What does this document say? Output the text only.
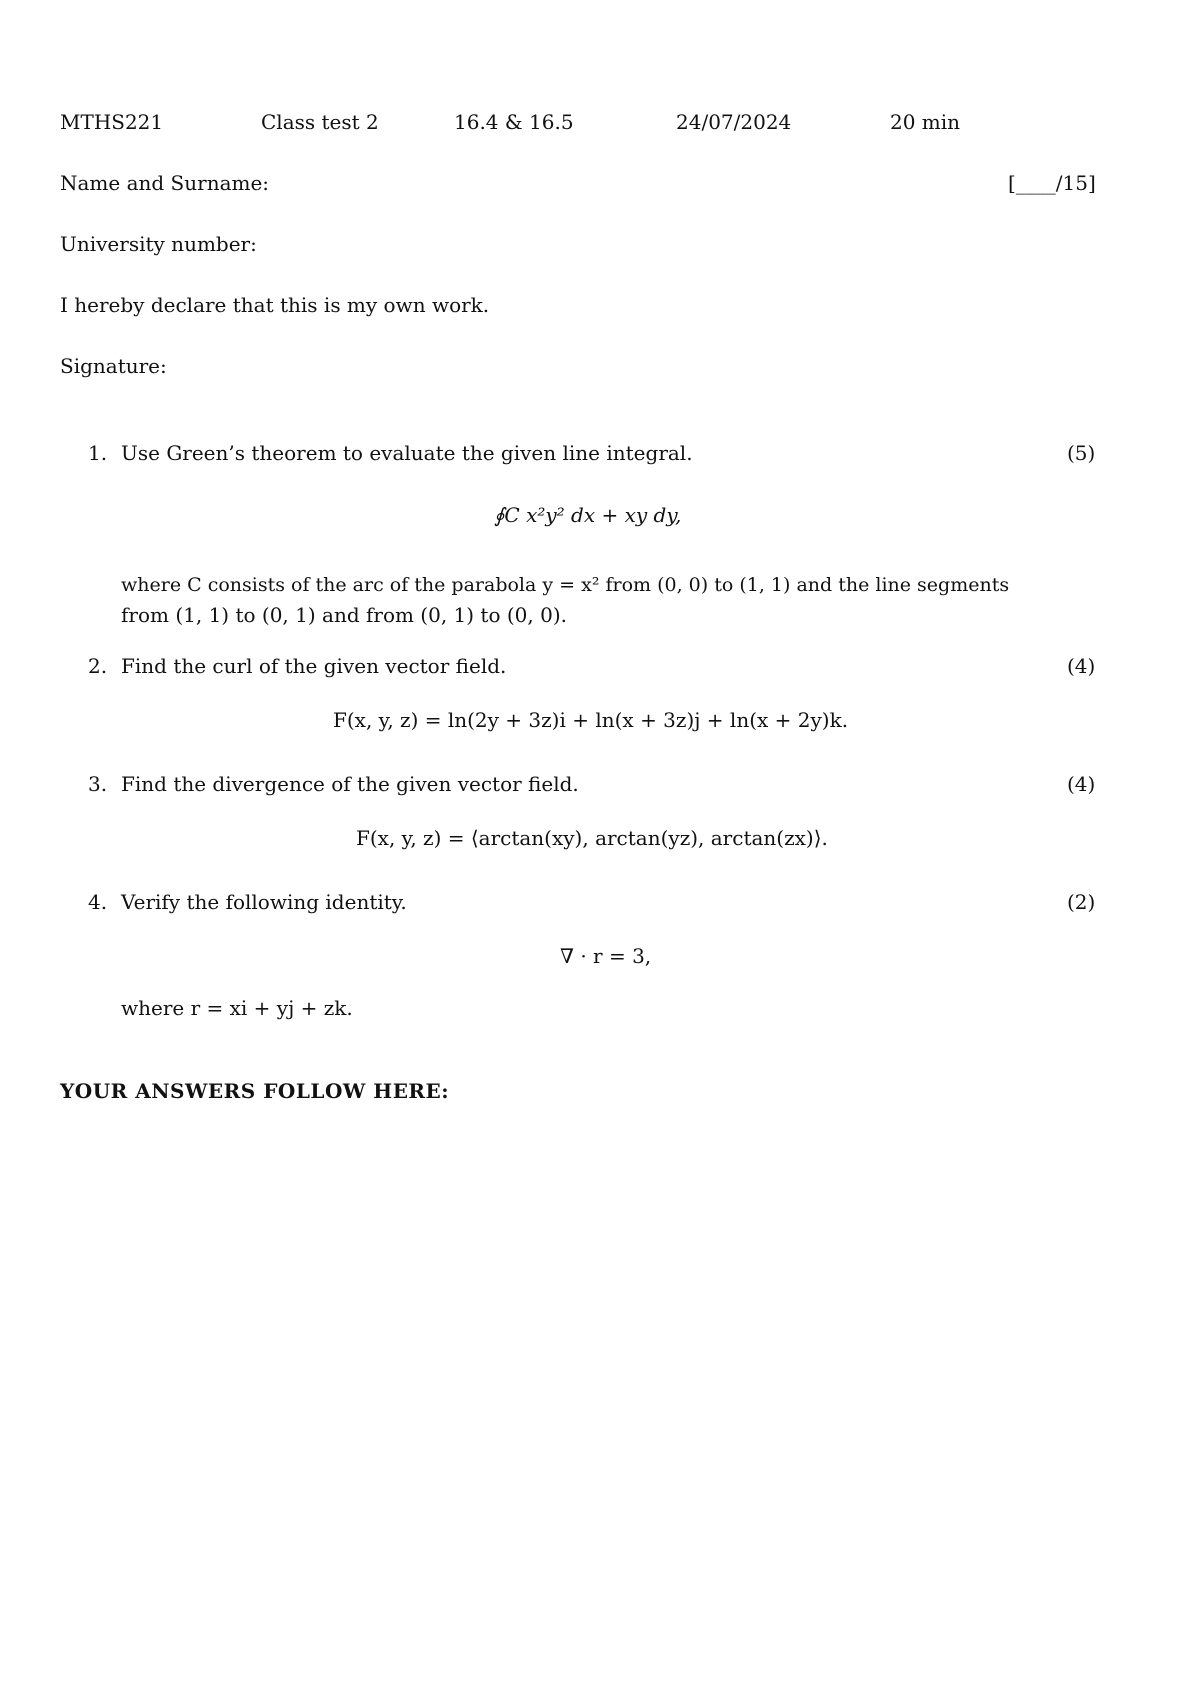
MTHS221	Class test 2	16.4 & 16.5	24/07/2024	20 min
Name and Surname:	[____/15]
University number:
I hereby declare that this is my own work.
Signature:
1. Use Green’s theorem to evaluate the given line integral.	(5)
∮C x²y² dx + xy dy,
where C consists of the arc of the parabola y = x² from (0, 0) to (1, 1) and the line segments
from (1, 1) to (0, 1) and from (0, 1) to (0, 0).
2. Find the curl of the given vector field.	(4)
F(x, y, z) = ln(2y + 3z)i + ln(x + 3z)j + ln(x + 2y)k.
3. Find the divergence of the given vector field.	(4)
F(x, y, z) = ⟨arctan(xy), arctan(yz), arctan(zx)⟩.
4. Verify the following identity.	(2)
∇ · r = 3,
where r = xi + yj + zk.
YOUR ANSWERS FOLLOW HERE:
